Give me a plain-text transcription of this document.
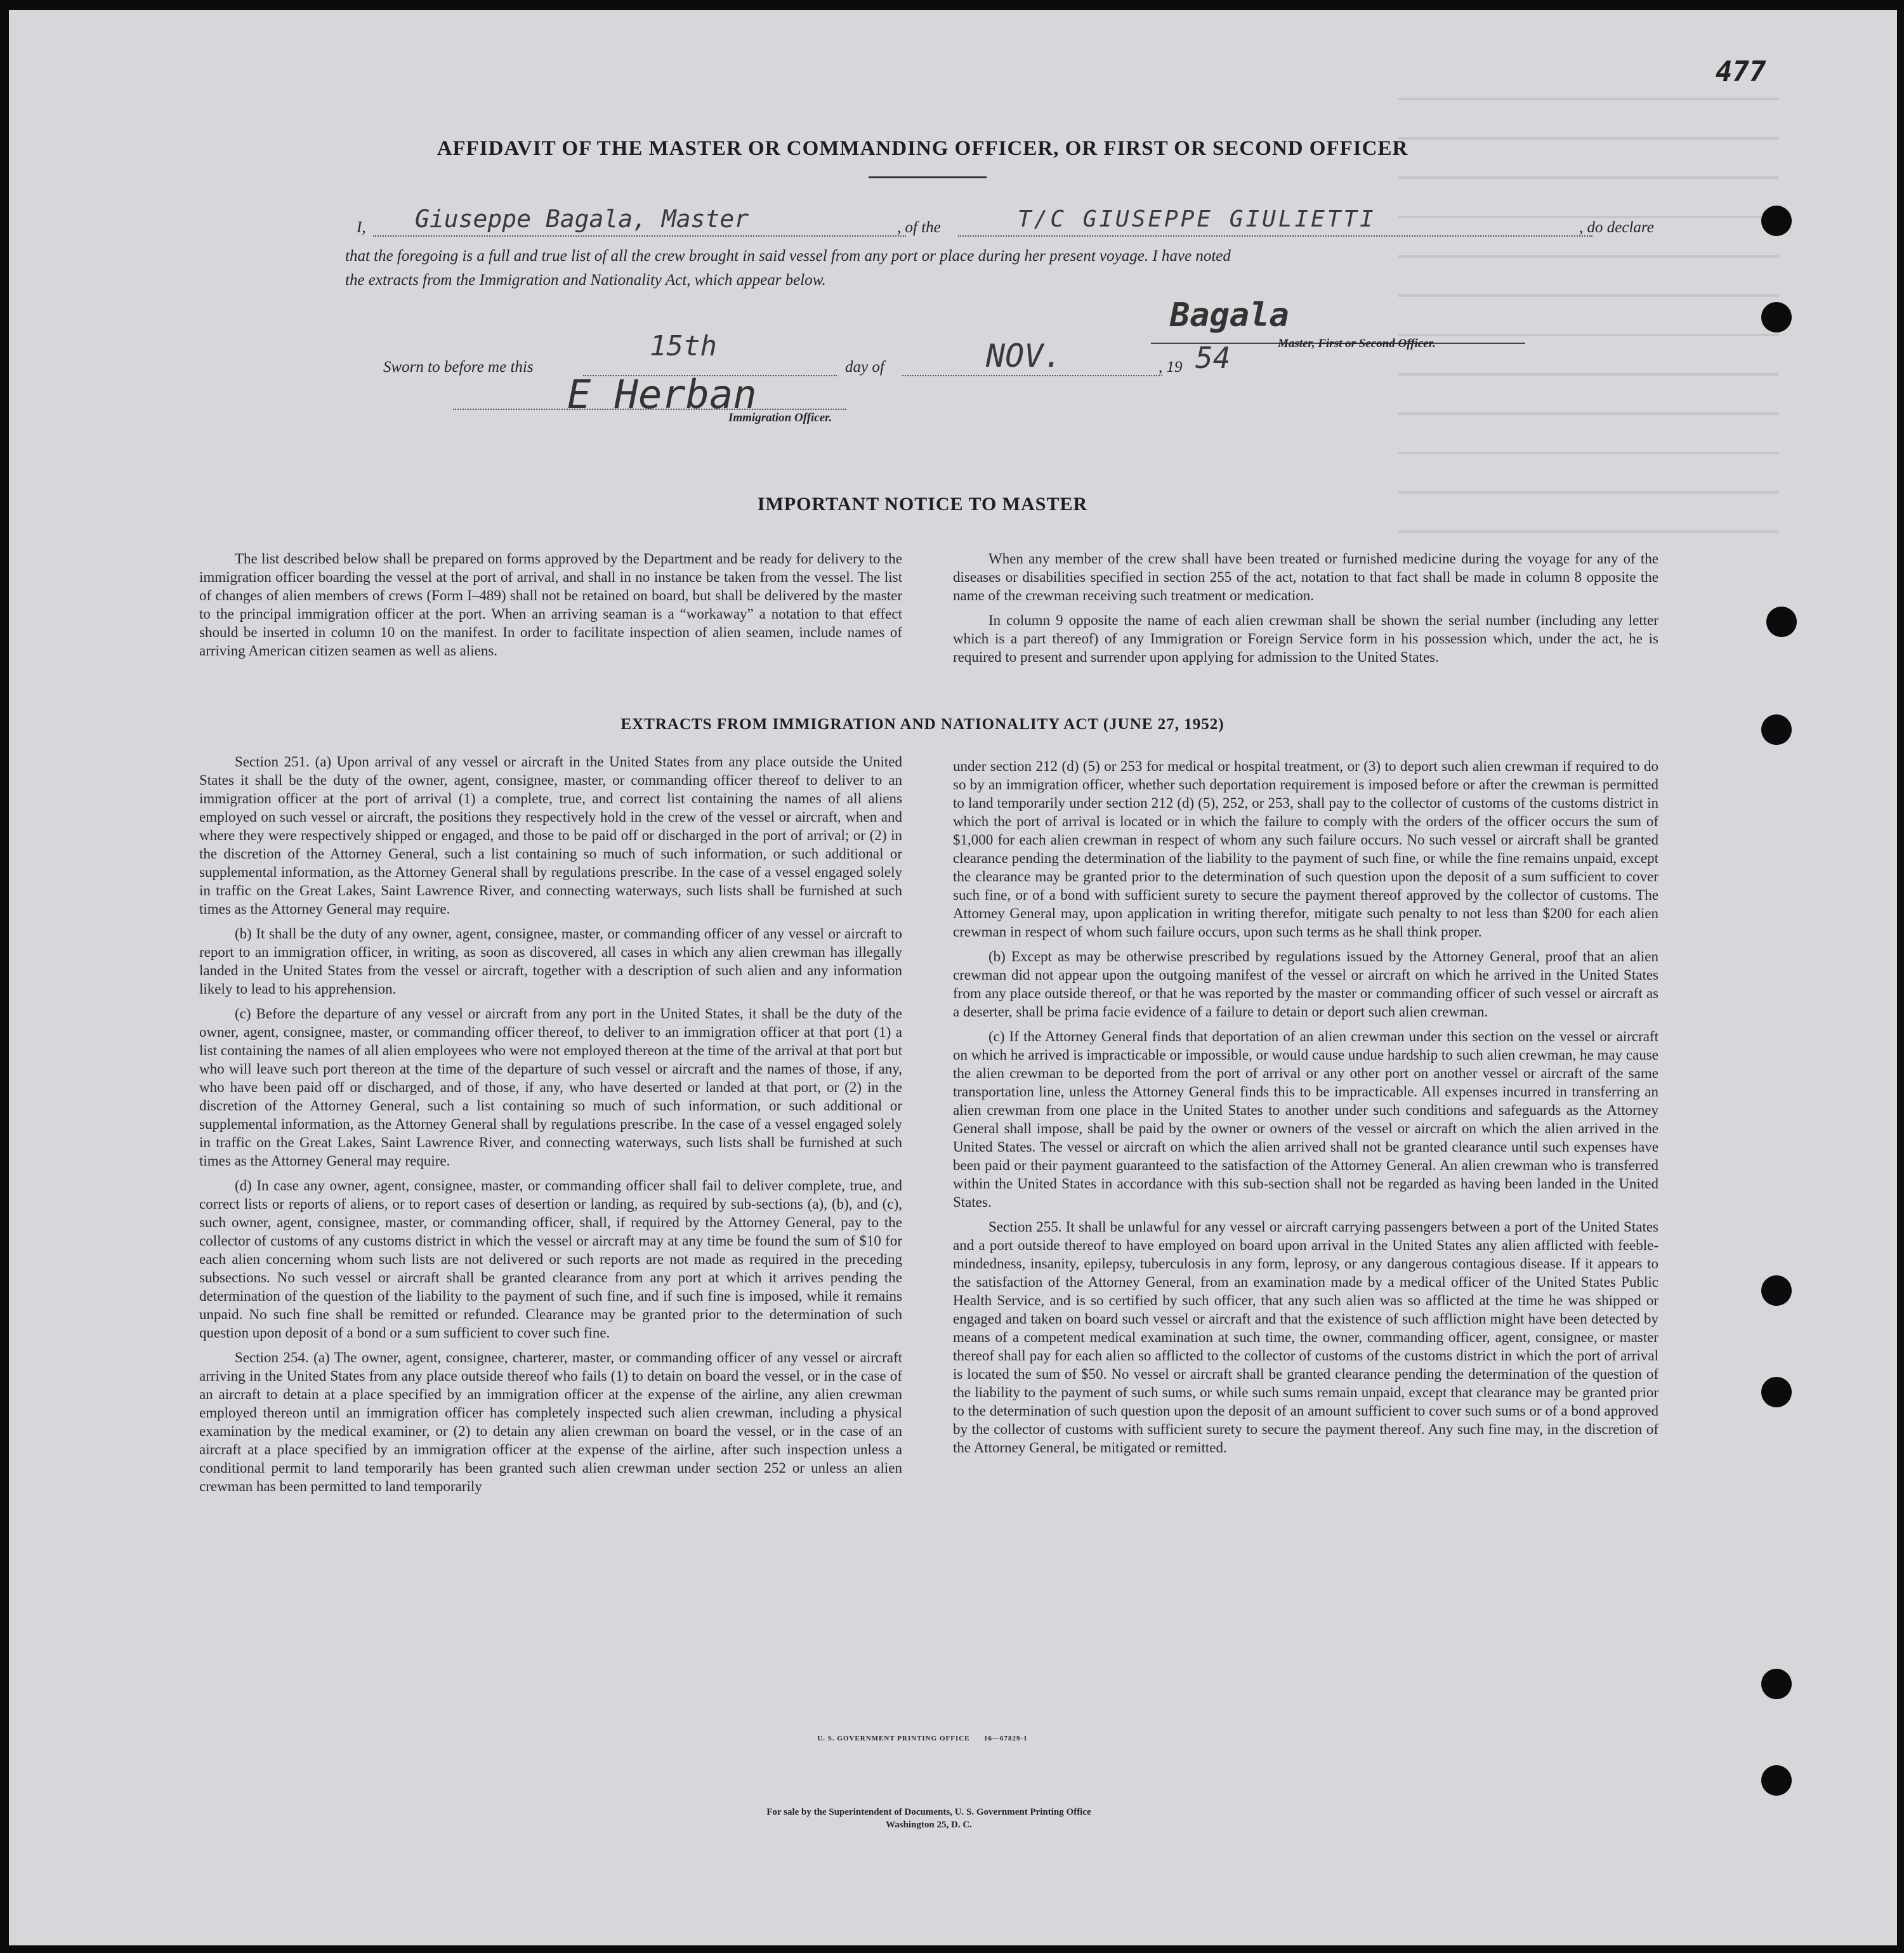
477
AFFIDAVIT OF THE MASTER OR COMMANDING OFFICER, OR FIRST OR SECOND OFFICER
I, Giuseppe Bagala, Master	, of the	T/C GIUSEPPE GIULIETTI	, do declare
that the foregoing is a full and true list of all the crew brought in said vessel from any port or place during her present voyage. I have noted
the extracts from the Immigration and Nationality Act, which appear below.
Bagala
Master, First or Second Officer.
Sworn to before me this
15th
day of	NOV.	, 19 54
E Herban
Immigration Officer.
IMPORTANT NOTICE TO MASTER

The list described below shall be prepared on forms approved by the Department and be ready for delivery to the immigration officer boarding the vessel at the port of arrival, and shall in no instance be taken from the vessel. The list of changes of alien members of crews (Form I–489) shall not be retained on board, but shall be delivered by the master to the principal immigration officer at the port. When an arriving seaman is a “workaway” a notation to that effect should be inserted in column 10 on the manifest. In order to facilitate inspection of alien seamen, include names of arriving American citizen seamen as well as aliens.

When any member of the crew shall have been treated or furnished medicine during the voyage for any of the diseases or disabilities specified in section 255 of the act, notation to that fact shall be made in column 8 opposite the name of the crewman receiving such treatment or medication.

In column 9 opposite the name of each alien crewman shall be shown the serial number (including any letter which is a part thereof) of any Immigration or Foreign Service form in his possession which, under the act, he is required to present and surrender upon applying for admission to the United States.

EXTRACTS FROM IMMIGRATION AND NATIONALITY ACT (JUNE 27, 1952)

Section 251. (a) Upon arrival of any vessel or aircraft in the United States from any place outside the United States it shall be the duty of the owner, agent, consignee, master, or commanding officer thereof to deliver to an immigration officer at the port of arrival (1) a complete, true, and correct list containing the names of all aliens employed on such vessel or aircraft, the positions they respectively hold in the crew of the vessel or aircraft, when and where they were respectively shipped or engaged, and those to be paid off or discharged in the port of arrival; or (2) in the discretion of the Attorney General, such a list containing so much of such information, or such additional or supplemental information, as the Attorney General shall by regulations prescribe. In the case of a vessel engaged solely in traffic on the Great Lakes, Saint Lawrence River, and connecting waterways, such lists shall be furnished at such times as the Attorney General may require.

(b) It shall be the duty of any owner, agent, consignee, master, or commanding officer of any vessel or aircraft to report to an immigration officer, in writing, as soon as discovered, all cases in which any alien crewman has illegally landed in the United States from the vessel or aircraft, together with a description of such alien and any information likely to lead to his apprehension.

(c) Before the departure of any vessel or aircraft from any port in the United States, it shall be the duty of the owner, agent, consignee, master, or commanding officer thereof, to deliver to an immigration officer at that port (1) a list containing the names of all alien employees who were not employed thereon at the time of the arrival at that port but who will leave such port thereon at the time of the departure of such vessel or aircraft and the names of those, if any, who have been paid off or discharged, and of those, if any, who have deserted or landed at that port, or (2) in the discretion of the Attorney General, such a list containing so much of such information, or such additional or supplemental information, as the Attorney General shall by regulations prescribe. In the case of a vessel engaged solely in traffic on the Great Lakes, Saint Lawrence River, and connecting waterways, such lists shall be furnished at such times as the Attorney General may require.

(d) In case any owner, agent, consignee, master, or commanding officer shall fail to deliver complete, true, and correct lists or reports of aliens, or to report cases of desertion or landing, as required by sub-sections (a), (b), and (c), such owner, agent, consignee, master, or commanding officer, shall, if required by the Attorney General, pay to the collector of customs of any customs district in which the vessel or aircraft may at any time be found the sum of $10 for each alien concerning whom such lists are not delivered or such reports are not made as required in the preceding subsections. No such vessel or aircraft shall be granted clearance from any port at which it arrives pending the determination of the question of the liability to the payment of such fine, and if such fine is imposed, while it remains unpaid. No such fine shall be remitted or refunded. Clearance may be granted prior to the determination of such question upon deposit of a bond or a sum sufficient to cover such fine.

Section 254. (a) The owner, agent, consignee, charterer, master, or commanding officer of any vessel or aircraft arriving in the United States from any place outside thereof who fails (1) to detain on board the vessel, or in the case of an aircraft to detain at a place specified by an immigration officer at the expense of the airline, any alien crewman employed thereon until an immigration officer has completely inspected such alien crewman, including a physical examination by the medical examiner, or (2) to detain any alien crewman on board the vessel, or in the case of an aircraft at a place specified by an immigration officer at the expense of the airline, after such inspection unless a conditional permit to land temporarily has been granted such alien crewman under section 252 or unless an alien crewman has been permitted to land temporarily

under section 212 (d) (5) or 253 for medical or hospital treatment, or (3) to deport such alien crewman if required to do so by an immigration officer, whether such deportation requirement is imposed before or after the crewman is permitted to land temporarily under section 212 (d) (5), 252, or 253, shall pay to the collector of customs of the customs district in which the port of arrival is located or in which the failure to comply with the orders of the officer occurs the sum of $1,000 for each alien crewman in respect of whom any such failure occurs. No such vessel or aircraft shall be granted clearance pending the determination of the liability to the payment of such fine, or while the fine remains unpaid, except the clearance may be granted prior to the determination of such question upon the deposit of a sum sufficient to cover such fine, or of a bond with sufficient surety to secure the payment thereof approved by the collector of customs. The Attorney General may, upon application in writing therefor, mitigate such penalty to not less than $200 for each alien crewman in respect of whom such failure occurs, upon such terms as he shall think proper.

(b) Except as may be otherwise prescribed by regulations issued by the Attorney General, proof that an alien crewman did not appear upon the outgoing manifest of the vessel or aircraft on which he arrived in the United States from any place outside thereof, or that he was reported by the master or commanding officer of such vessel or aircraft as a deserter, shall be prima facie evidence of a failure to detain or deport such alien crewman.

(c) If the Attorney General finds that deportation of an alien crewman under this section on the vessel or aircraft on which he arrived is impracticable or impossible, or would cause undue hardship to such alien crewman, he may cause the alien crewman to be deported from the port of arrival or any other port on another vessel or aircraft of the same transportation line, unless the Attorney General finds this to be impracticable. All expenses incurred in transferring an alien crewman from one place in the United States to another under such conditions and safeguards as the Attorney General shall impose, shall be paid by the owner or owners of the vessel or aircraft on which the alien arrived in the United States. The vessel or aircraft on which the alien arrived shall not be granted clearance until such expenses have been paid or their payment guaranteed to the satisfaction of the Attorney General. An alien crewman who is transferred within the United States in accordance with this sub-section shall not be regarded as having been landed in the United States.

Section 255. It shall be unlawful for any vessel or aircraft carrying passengers between a port of the United States and a port outside thereof to have employed on board upon arrival in the United States any alien afflicted with feeble-mindedness, insanity, epilepsy, tuberculosis in any form, leprosy, or any dangerous contagious disease. If it appears to the satisfaction of the Attorney General, from an examination made by a medical officer of the United States Public Health Service, and is so certified by such officer, that any such alien was so afflicted at the time he was shipped or engaged and taken on board such vessel or aircraft and that the existence of such affliction might have been detected by means of a competent medical examination at such time, the owner, commanding officer, agent, consignee, or master thereof shall pay for each alien so afflicted to the collector of customs of the customs district in which the port of arrival is located the sum of $50. No vessel or aircraft shall be granted clearance pending the determination of the question of the liability to the payment of such sums, or while such sums remain unpaid, except that clearance may be granted prior to the determination of such question upon the deposit of an amount sufficient to cover such sums or of a bond approved by the collector of customs with sufficient surety to secure the payment thereof. Any such fine may, in the discretion of the Attorney General, be mitigated or remitted.

U. S. GOVERNMENT PRINTING OFFICE      16—67829-1
For sale by the Superintendent of Documents, U. S. Government Printing Office
Washington 25, D. C.
